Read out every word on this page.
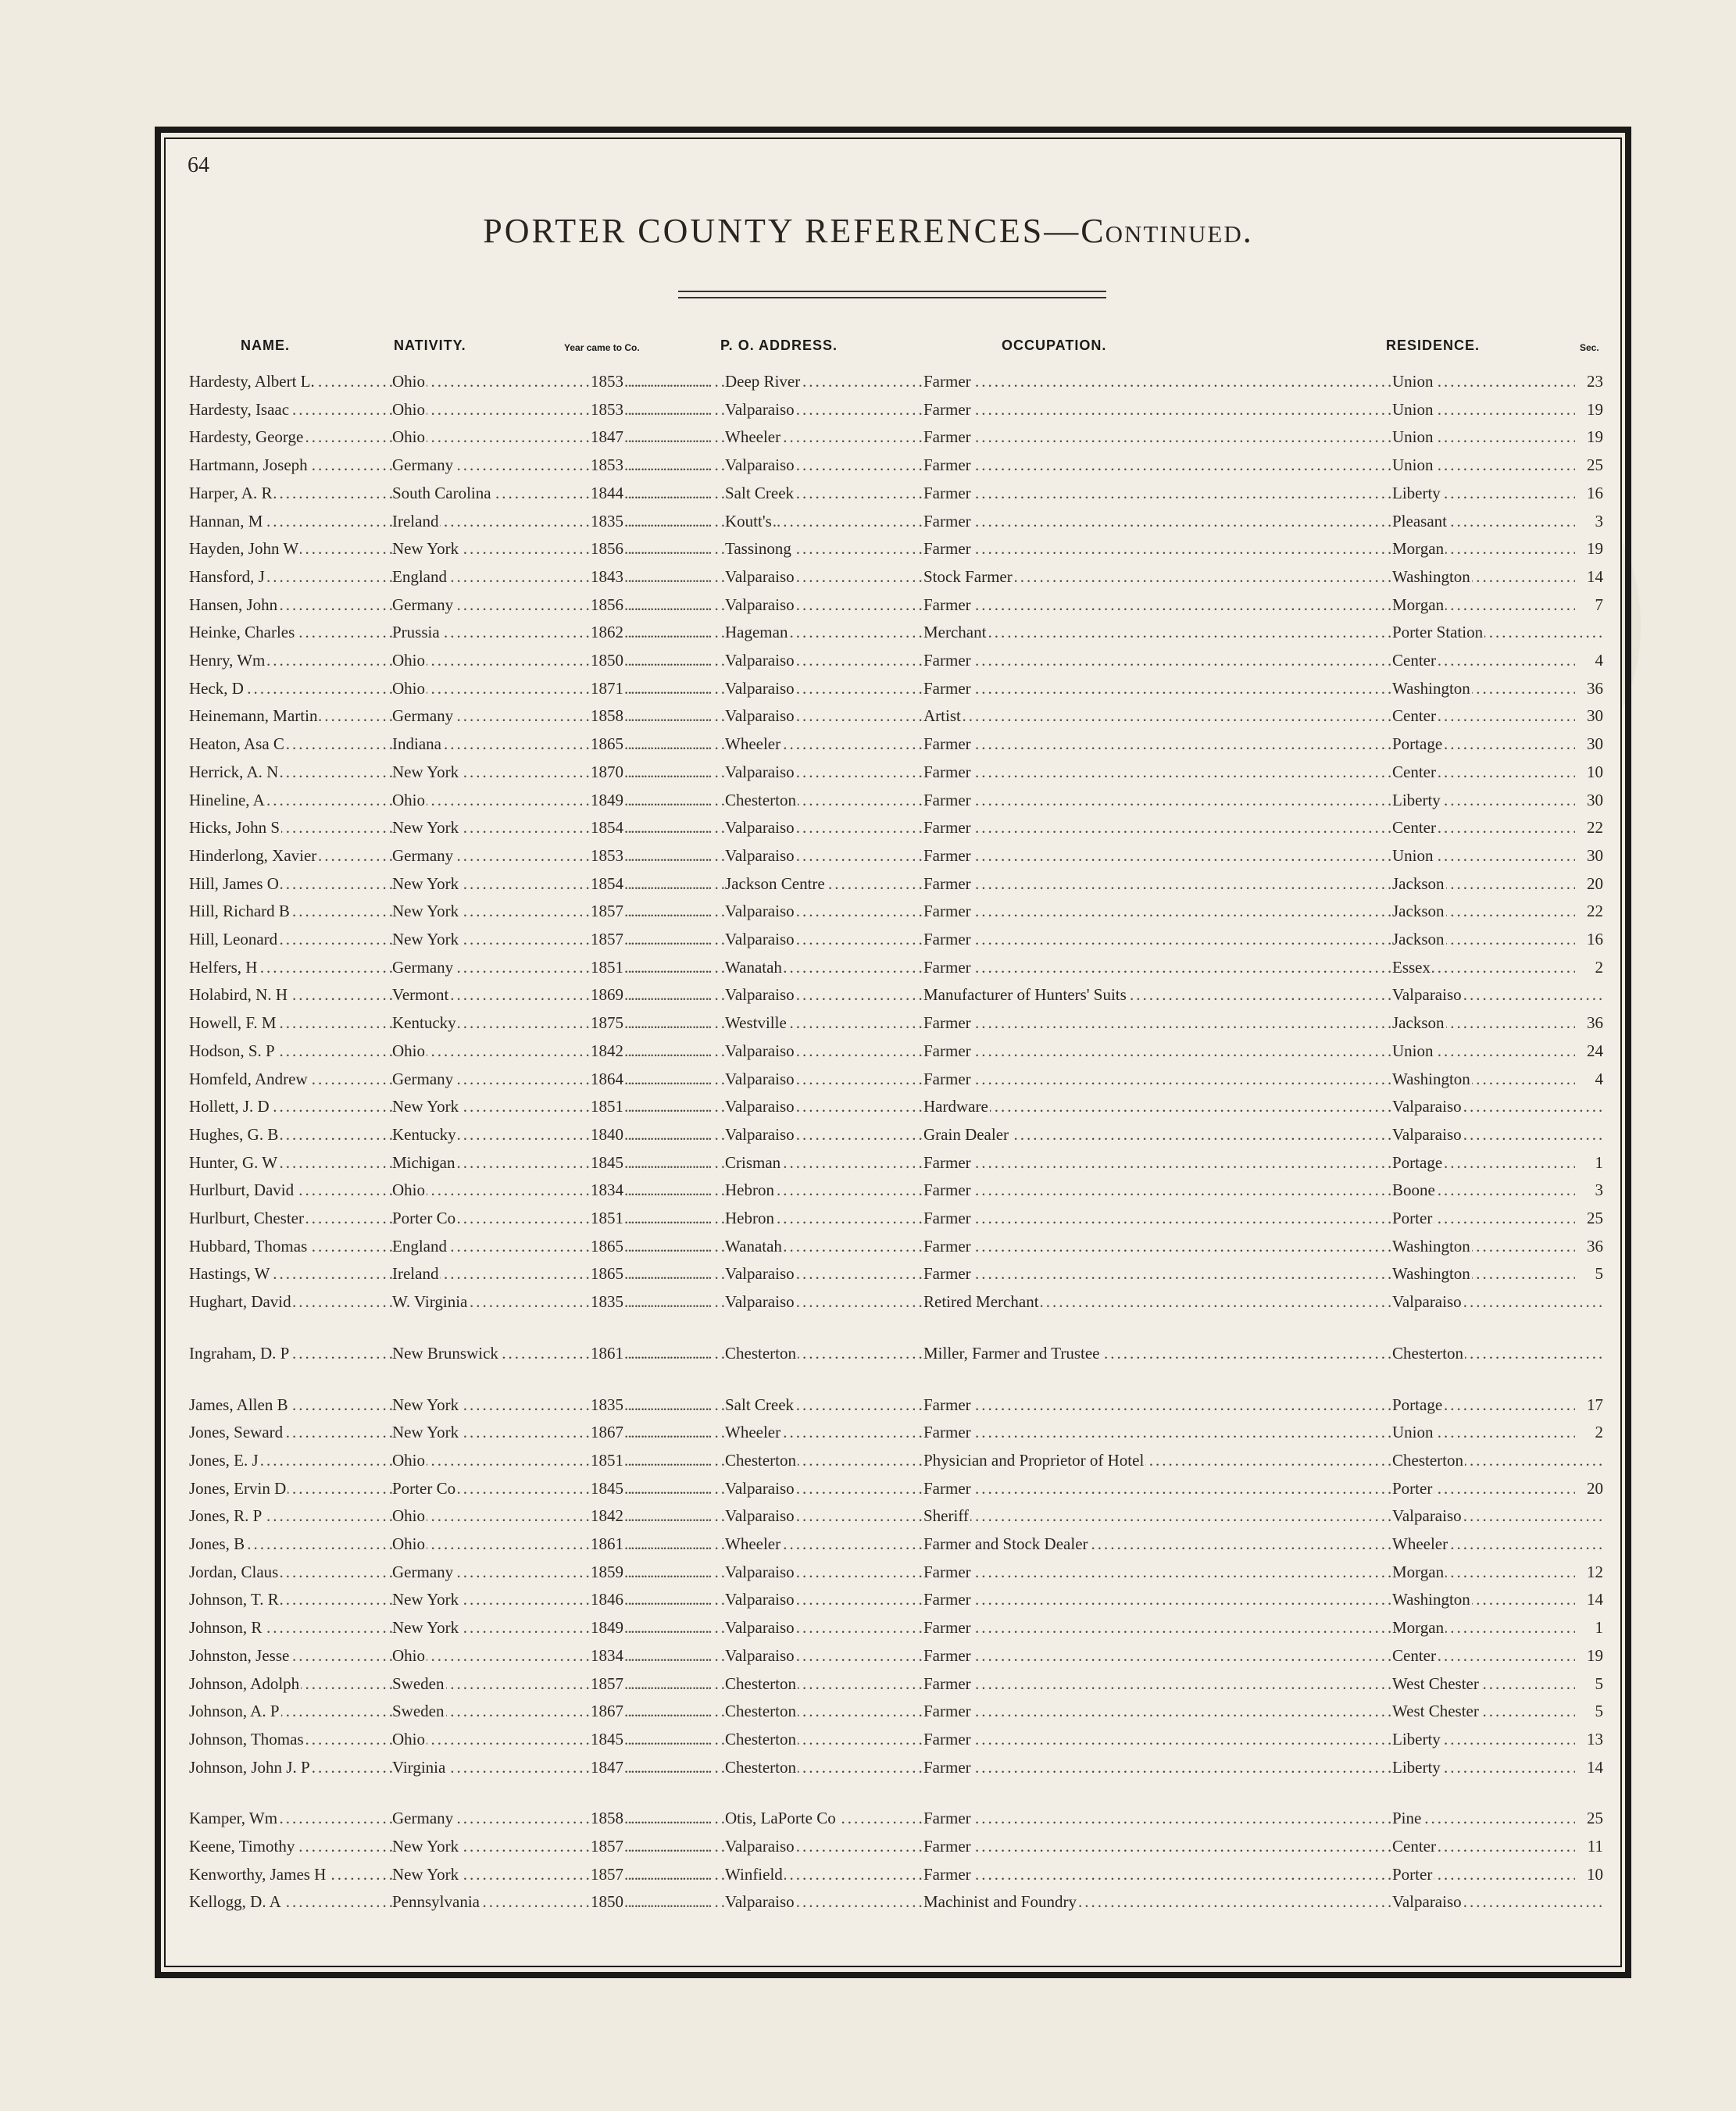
64
PORTER COUNTY REFERENCES—Continued.
NAME.	NATIVITY.	Year came to Co.	P. O. ADDRESS.	OCCUPATION.	RESIDENCE.	Sec.
Hardesty, Albert L. .....	Ohio .....	1853 .....	Deep River .....	Farmer .....	Union .....	23
Hardesty, Isaac .....	Ohio .....	1853 .....	Valparaiso .....	Farmer .....	Union .....	19
Hardesty, George .....	Ohio .....	1847 .....	Wheeler .....	Farmer .....	Union .....	19
Hartmann, Joseph .....	Germany .....	1853 .....	Valparaiso .....	Farmer .....	Union .....	25
Harper, A. R .....	South Carolina .....	1844 .....	Salt Creek .....	Farmer .....	Liberty .....	16
Hannan, M .....	Ireland .....	1835 .....	Koutt's .....	Farmer .....	Pleasant .....	3
Hayden, John W .....	New York .....	1856 .....	Tassinong .....	Farmer .....	Morgan .....	19
Hansford, J .....	England .....	1843 .....	Valparaiso .....	Stock Farmer .....	Washington .....	14
Hansen, John .....	Germany .....	1856 .....	Valparaiso .....	Farmer .....	Morgan .....	7
Heinke, Charles .....	Prussia .....	1862 .....	Hageman .....	Merchant .....	Porter Station .....
Henry, Wm .....	Ohio .....	1850 .....	Valparaiso .....	Farmer .....	Center .....	4
Heck, D .....	Ohio .....	1871 .....	Valparaiso .....	Farmer .....	Washington .....	36
Heinemann, Martin .....	Germany .....	1858 .....	Valparaiso .....	Artist .....	Center .....	30
Heaton, Asa C .....	Indiana .....	1865 .....	Wheeler .....	Farmer .....	Portage .....	30
Herrick, A. N .....	New York .....	1870 .....	Valparaiso .....	Farmer .....	Center .....	10
Hineline, A .....	Ohio .....	1849 .....	Chesterton .....	Farmer .....	Liberty .....	30
Hicks, John S .....	New York .....	1854 .....	Valparaiso .....	Farmer .....	Center .....	22
Hinderlong, Xavier .....	Germany .....	1853 .....	Valparaiso .....	Farmer .....	Union .....	30
Hill, James O .....	New York .....	1854 .....	Jackson Centre .....	Farmer .....	Jackson .....	20
Hill, Richard B .....	New York .....	1857 .....	Valparaiso .....	Farmer .....	Jackson .....	22
Hill, Leonard .....	New York .....	1857 .....	Valparaiso .....	Farmer .....	Jackson .....	16
Helfers, H .....	Germany .....	1851 .....	Wanatah .....	Farmer .....	Essex .....	2
Holabird, N. H .....	Vermont .....	1869 .....	Valparaiso .....	Manufacturer of Hunters' Suits .....	Valparaiso .....
Howell, F. M .....	Kentucky .....	1875 .....	Westville .....	Farmer .....	Jackson .....	36
Hodson, S. P .....	Ohio .....	1842 .....	Valparaiso .....	Farmer .....	Union .....	24
Homfeld, Andrew .....	Germany .....	1864 .....	Valparaiso .....	Farmer .....	Washington .....	4
Hollett, J. D .....	New York .....	1851 .....	Valparaiso .....	Hardware .....	Valparaiso .....
Hughes, G. B .....	Kentucky .....	1840 .....	Valparaiso .....	Grain Dealer .....	Valparaiso .....
Hunter, G. W .....	Michigan .....	1845 .....	Crisman .....	Farmer .....	Portage .....	1
Hurlburt, David .....	Ohio .....	1834 .....	Hebron .....	Farmer .....	Boone .....	3
Hurlburt, Chester .....	Porter Co .....	1851 .....	Hebron .....	Farmer .....	Porter .....	25
Hubbard, Thomas .....	England .....	1865 .....	Wanatah .....	Farmer .....	Washington .....	36
Hastings, W .....	Ireland .....	1865 .....	Valparaiso .....	Farmer .....	Washington .....	5
Hughart, David .....	W. Virginia .....	1835 .....	Valparaiso .....	Retired Merchant .....	Valparaiso .....
Ingraham, D. P .....	New Brunswick .....	1861 .....	Chesterton .....	Miller, Farmer and Trustee .....	Chesterton .....
James, Allen B .....	New York .....	1835 .....	Salt Creek .....	Farmer .....	Portage .....	17
Jones, Seward .....	New York .....	1867 .....	Wheeler .....	Farmer .....	Union .....	2
Jones, E. J .....	Ohio .....	1851 .....	Chesterton .....	Physician and Proprietor of Hotel .....	Chesterton .....
Jones, Ervin D .....	Porter Co .....	1845 .....	Valparaiso .....	Farmer .....	Porter .....	20
Jones, R. P .....	Ohio .....	1842 .....	Valparaiso .....	Sheriff .....	Valparaiso .....
Jones, B .....	Ohio .....	1861 .....	Wheeler .....	Farmer and Stock Dealer .....	Wheeler .....
Jordan, Claus .....	Germany .....	1859 .....	Valparaiso .....	Farmer .....	Morgan .....	12
Johnson, T. R .....	New York .....	1846 .....	Valparaiso .....	Farmer .....	Washington .....	14
Johnson, R .....	New York .....	1849 .....	Valparaiso .....	Farmer .....	Morgan .....	1
Johnston, Jesse .....	Ohio .....	1834 .....	Valparaiso .....	Farmer .....	Center .....	19
Johnson, Adolph .....	Sweden .....	1857 .....	Chesterton .....	Farmer .....	West Chester .....	5
Johnson, A. P .....	Sweden .....	1867 .....	Chesterton .....	Farmer .....	West Chester .....	5
Johnson, Thomas .....	Ohio .....	1845 .....	Chesterton .....	Farmer .....	Liberty .....	13
Johnson, John J. P .....	Virginia .....	1847 .....	Chesterton .....	Farmer .....	Liberty .....	14
Kamper, Wm .....	Germany .....	1858 .....	Otis, LaPorte Co .....	Farmer .....	Pine .....	25
Keene, Timothy .....	New York .....	1857 .....	Valparaiso .....	Farmer .....	Center .....	11
Kenworthy, James H .....	New York .....	1857 .....	Winfield .....	Farmer .....	Porter .....	10
Kellogg, D. A .....	Pennsylvania .....	1850 .....	Valparaiso .....	Machinist and Foundry .....	Valparaiso .....
